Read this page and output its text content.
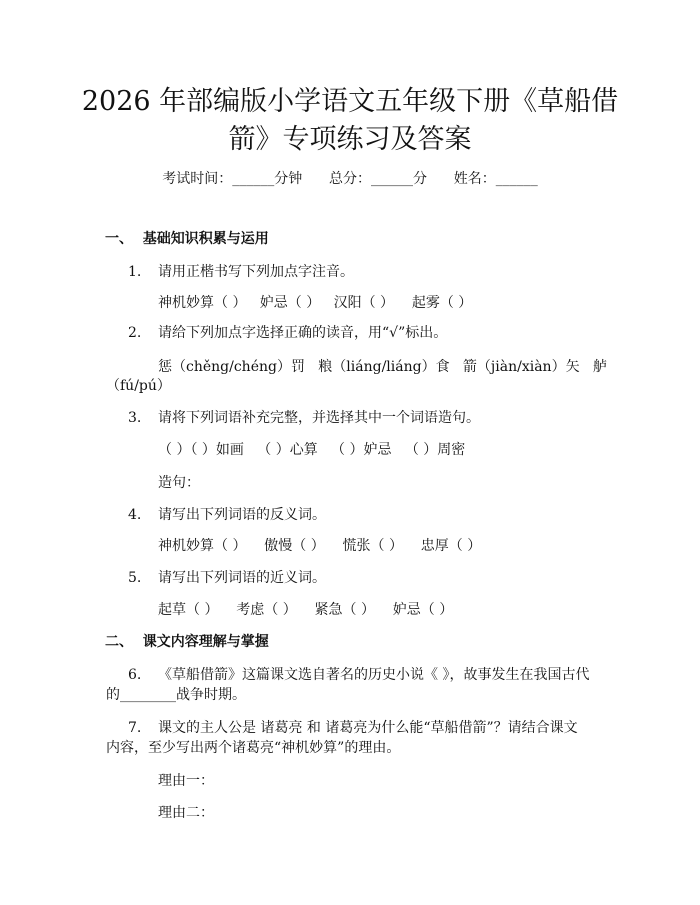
2026 年部编版小学语文五年级下册《草船借
箭》专项练习及答案
考试时间：______分钟      总分：______分      姓名：______
一、  基础知识积累与运用
1. 请用正楷书写下列加点字注音。
神机妙算（ ）   妒忌（ ）   汉阳（ ）    起雾（ ）
2. 请给下列加点字选择正确的读音，用“√”标出。
惩（chěng/chéng）罚   粮（liáng/liáng）食   箭（jiàn/xiàn）矢   舻
（fú/pú）
3. 请将下列词语补充完整，并选择其中一个词语造句。
（ ）（ ）如画   （ ）心算   （ ）妒忌   （ ）周密
造句：
4. 请写出下列词语的反义词。
神机妙算（ ）    傲慢（ ）    慌张（ ）    忠厚（ ）
5. 请写出下列词语的近义词。
起草（ ）    考虑（ ）    紧急（ ）    妒忌（ ）
二、  课文内容理解与掌握
6. 《草船借箭》这篇课文选自著名的历史小说《 》，故事发生在我国古代
的________战争时期。
7. 课文的主人公是 诸葛亮 和 诸葛亮为什么能“草船借箭”？请结合课文
内容，至少写出两个诸葛亮“神机妙算”的理由。
理由一：
理由二：
